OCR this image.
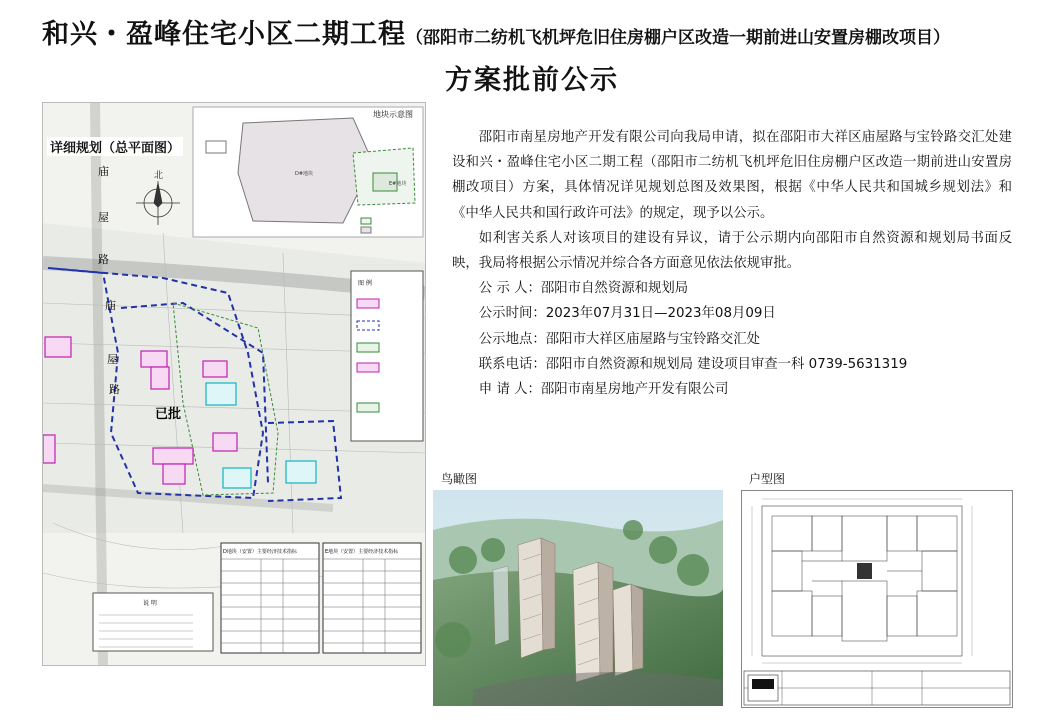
和兴・盈峰住宅小区二期工程（邵阳市二纺机飞机坪危旧住房棚户区改造一期前进山安置房棚改项目）
方案批前公示
D#地块
E#地块
北
庙
屋
路
庙
屋
路
已批
图 例
说 明
D地块（安置）主要经济技术指标	E地块（安置）主要经济技术指标
详细规划（总平面图）
地块示意图

邵阳市南星房地产开发有限公司向我局申请，拟在邵阳市大祥区庙屋路与宝铃路交汇处建设和兴・盈峰住宅小区二期工程（邵阳市二纺机飞机坪危旧住房棚户区改造一期前进山安置房棚改项目）方案，具体情况详见规划总图及效果图，根据《中华人民共和国城乡规划法》和《中华人民共和国行政许可法》的规定，现予以公示。

如利害关系人对该项目的建设有异议，请于公示期内向邵阳市自然资源和规划局书面反映，我局将根据公示情况并综合各方面意见依法依规审批。

公 示 人：邵阳市自然资源和规划局
公示时间：2023年07月31日—2023年08月09日
公示地点：邵阳市大祥区庙屋路与宝铃路交汇处
联系电话：邵阳市自然资源和规划局 建设项目审查一科 0739-5631319
申 请 人：邵阳市南星房地产开发有限公司
鸟瞰图	户型图
